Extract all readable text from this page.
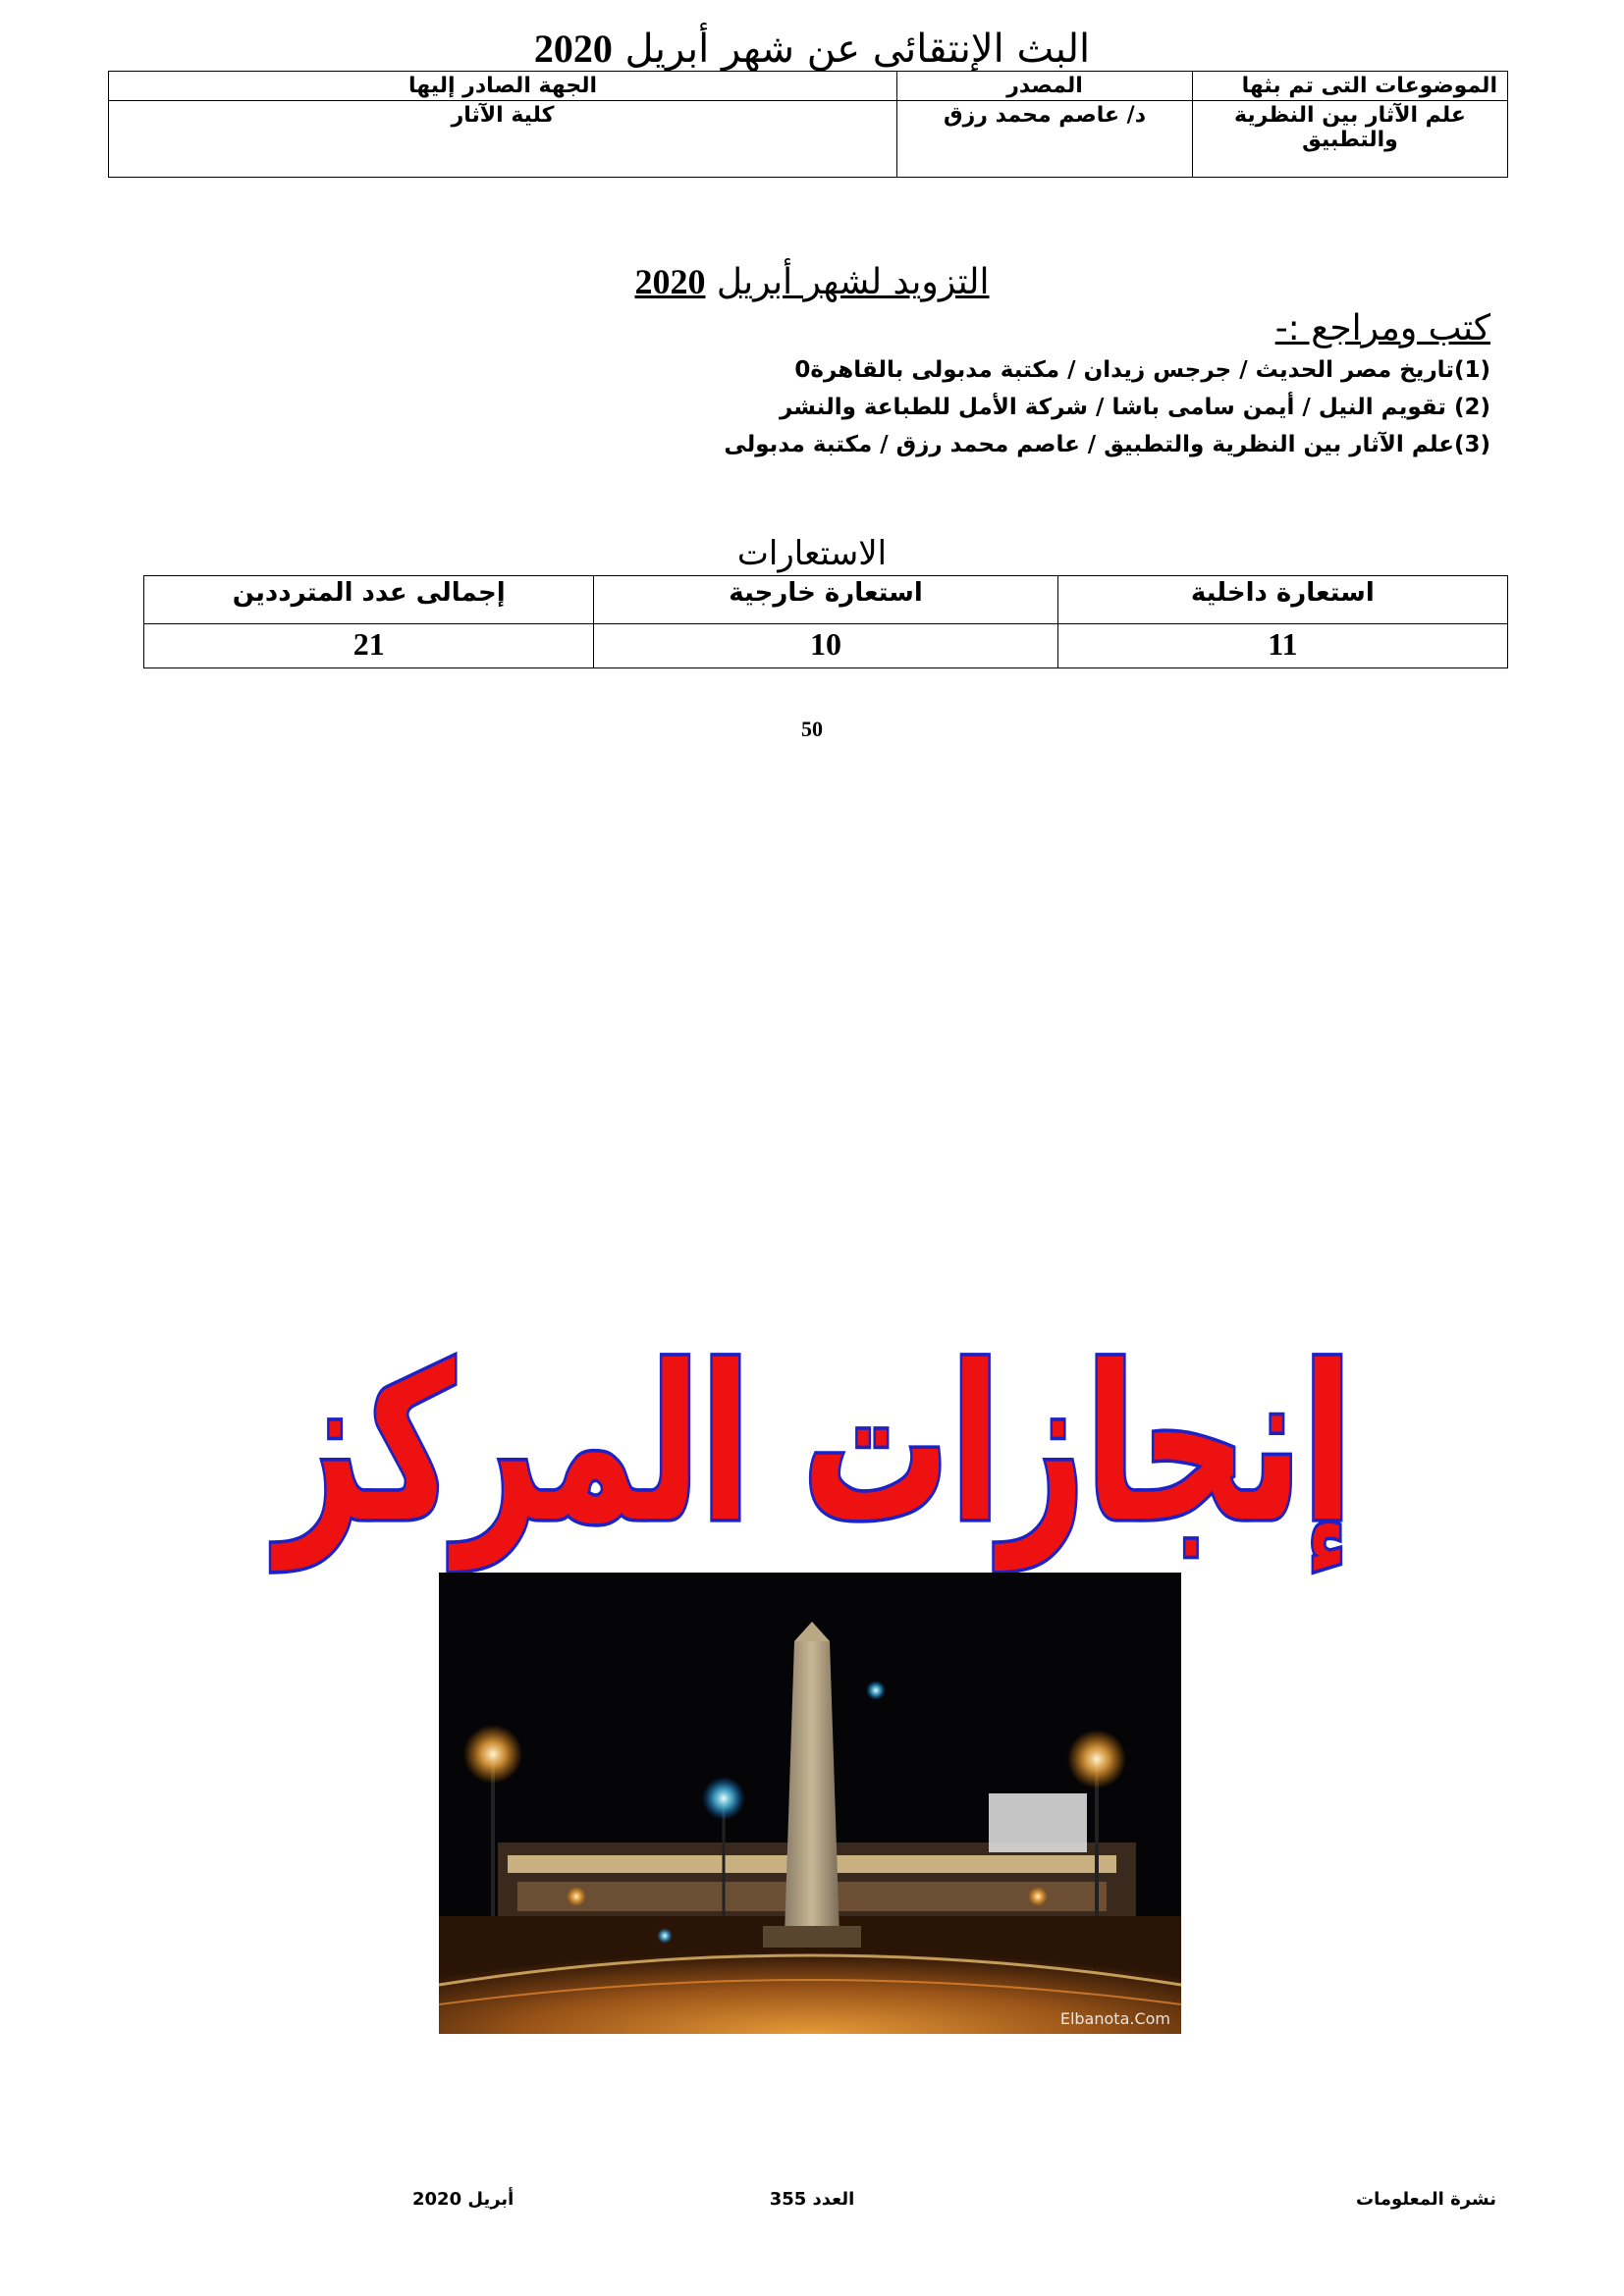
البث الإنتقائى عن شهر أبريل 2020
الموضوعات التى تم بثها	المصدر	الجهة الصادر إليها
علم الآثار بين النظرية والتطبيق	د/ عاصم محمد رزق	كلية الآثار
التزويد لشهر أبريل 2020
كتب ومراجع :-
(1)تاريخ مصر الحديث / جرجس زيدان / مكتبة مدبولى بالقاهرة0
(2) تقويم النيل / أيمن سامى باشا / شركة الأمل للطباعة والنشر
(3)علم الآثار بين النظرية والتطبيق / عاصم محمد رزق / مكتبة مدبولى
الاستعارات
استعارة داخلية	استعارة خارجية	إجمالى عدد المترددين
11	10	21
50
إنجازات المركز
Elbanota.Com
نشرة المعلومات
العدد 355
أبريل 2020
